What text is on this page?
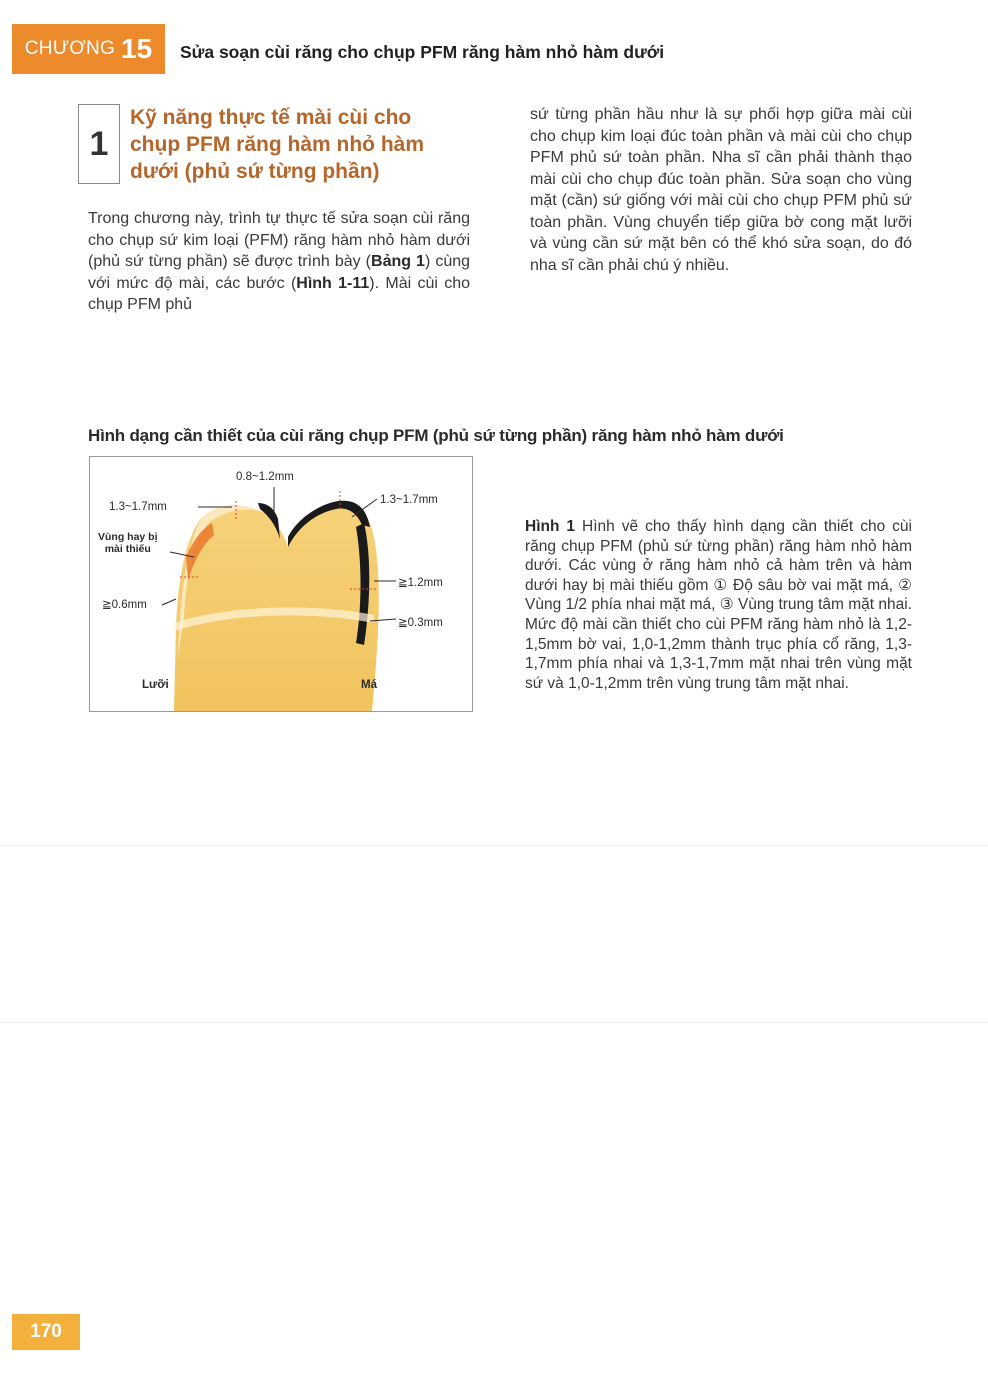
CHƯƠNG 15 Sửa soạn cùi răng cho chụp PFM răng hàm nhỏ hàm dưới
1
Kỹ năng thực tế mài cùi cho
chụp PFM răng hàm nhỏ hàm
dưới (phủ sứ từng phần)
Trong chương này, trình tự thực tế sửa soạn cùi răng cho chụp sứ kim loại (PFM) răng hàm nhỏ hàm dưới (phủ sứ từng phần) sẽ được trình bày (Bảng 1) cùng với mức độ mài, các bước (Hình 1-11). Mài cùi cho chụp PFM phủ
sứ từng phần hầu như là sự phối hợp giữa mài cùi cho chụp kim loại đúc toàn phần và mài cùi cho chụp PFM phủ sứ toàn phần. Nha sĩ cần phải thành thạo mài cùi cho chụp đúc toàn phần. Sửa soạn cho vùng mặt (cần) sứ giống với mài cùi cho chụp PFM phủ sứ toàn phần. Vùng chuyển tiếp giữa bờ cong mặt lưỡi và vùng cần sứ mặt bên có thể khó sửa soạn, do đó nha sĩ cần phải chú ý nhiều.
Hình dạng cần thiết của cùi răng chụp PFM (phủ sứ từng phần) răng hàm nhỏ hàm dưới
0.8~1.2mm
1.3~1.7mm
1.3~1.7mm
Vùng hay bị
mài thiếu
≧0.6mm
≧1.2mm
≧0.3mm
Lưỡi	Má
Hình 1 Hình vẽ cho thấy hình dạng cần thiết cho cùi răng chụp PFM (phủ sứ từng phần) răng hàm nhỏ hàm dưới. Các vùng ở răng hàm nhỏ cả hàm trên và hàm dưới hay bị mài thiếu gồm ① Độ sâu bờ vai mặt má, ② Vùng 1/2 phía nhai mặt má, ③ Vùng trung tâm mặt nhai. Mức độ mài cần thiết cho cùi PFM răng hàm nhỏ là 1,2-1,5mm bờ vai, 1,0-1,2mm thành trục phía cổ răng, 1,3-1,7mm phía nhai và 1,3-1,7mm mặt nhai trên vùng mặt sứ và 1,0-1,2mm trên vùng trung tâm mặt nhai.
170
